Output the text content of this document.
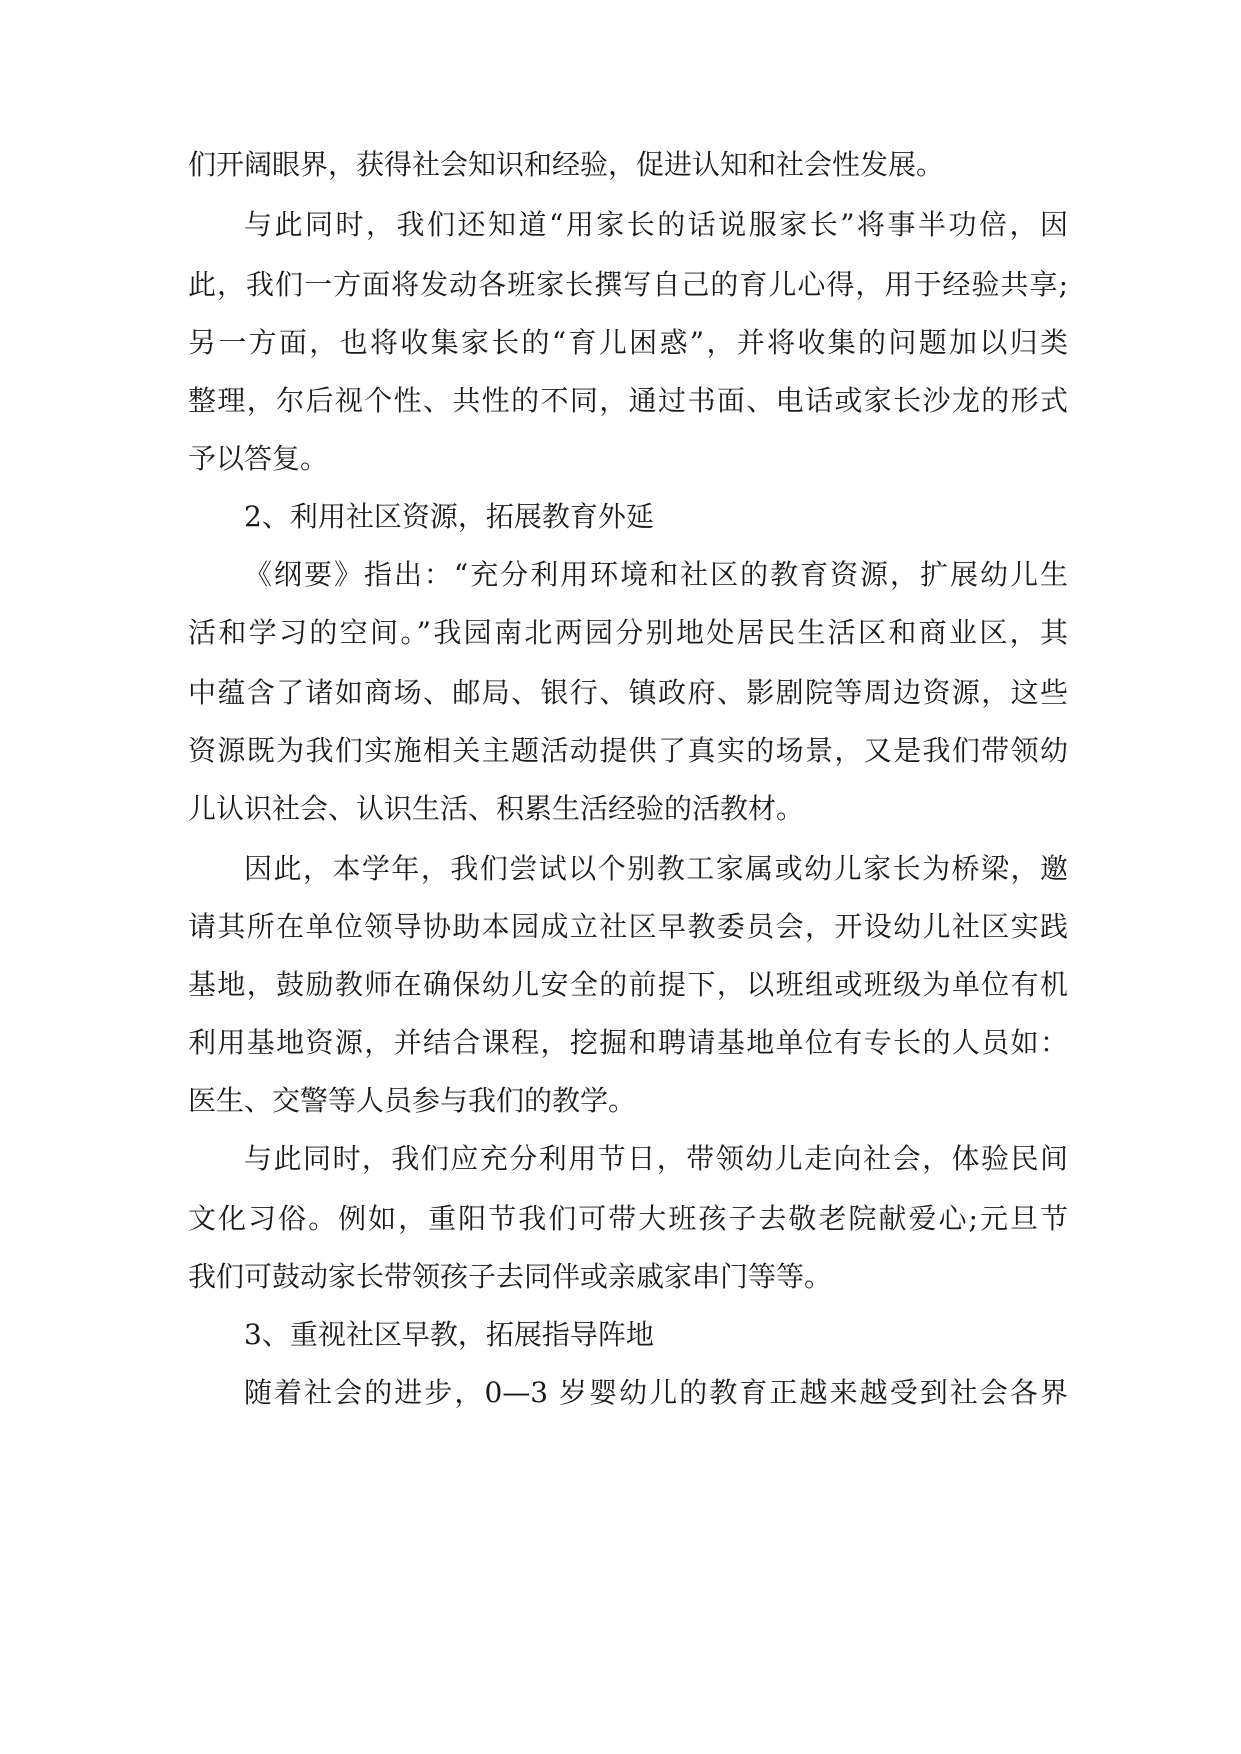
们开阔眼界，获得社会知识和经验，促进认知和社会性发展。

与此同时，我们还知道“用家长的话说服家长”将事半功倍，因

此，我们一方面将发动各班家长撰写自己的育儿心得，用于经验共享;

另一方面，也将收集家长的“育儿困惑”，并将收集的问题加以归类

整理，尔后视个性、共性的不同，通过书面、电话或家长沙龙的形式

予以答复。

2、利用社区资源，拓展教育外延

《纲要》指出：“充分利用环境和社区的教育资源，扩展幼儿生

活和学习的空间。”我园南北两园分别地处居民生活区和商业区，其

中蕴含了诸如商场、邮局、银行、镇政府、影剧院等周边资源，这些

资源既为我们实施相关主题活动提供了真实的场景，又是我们带领幼

儿认识社会、认识生活、积累生活经验的活教材。

因此，本学年，我们尝试以个别教工家属或幼儿家长为桥梁，邀

请其所在单位领导协助本园成立社区早教委员会，开设幼儿社区实践

基地，鼓励教师在确保幼儿安全的前提下，以班组或班级为单位有机

利用基地资源，并结合课程，挖掘和聘请基地单位有专长的人员如：

医生、交警等人员参与我们的教学。

与此同时，我们应充分利用节日，带领幼儿走向社会，体验民间

文化习俗。例如，重阳节我们可带大班孩子去敬老院献爱心;元旦节

我们可鼓动家长带领孩子去同伴或亲戚家串门等等。

3、重视社区早教，拓展指导阵地

随着社会的进步，0—3 岁婴幼儿的教育正越来越受到社会各界
